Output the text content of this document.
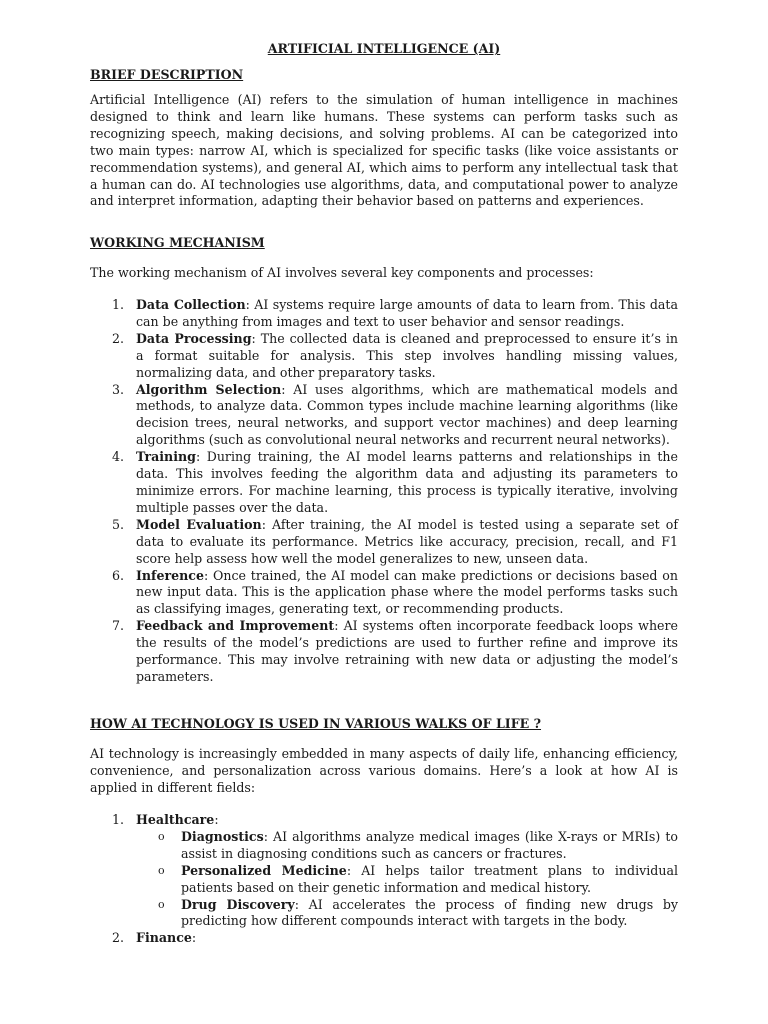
ARTIFICIAL INTELLIGENCE (AI)
BRIEF DESCRIPTION

Artificial Intelligence (AI) refers to the simulation of human intelligence in machines designed to think and learn like humans. These systems can perform tasks such as recognizing speech, making decisions, and solving problems. AI can be categorized into two main types: narrow AI, which is specialized for specific tasks (like voice assistants or recommendation systems), and general AI, which aims to perform any intellectual task that a human can do. AI technologies use algorithms, data, and computational power to analyze and interpret information, adapting their behavior based on patterns and experiences.

WORKING MECHANISM

The working mechanism of AI involves several key components and processes:

1. Data Collection: AI systems require large amounts of data to learn from. This data can be anything from images and text to user behavior and sensor readings.
2. Data Processing: The collected data is cleaned and preprocessed to ensure it’s in a format suitable for analysis. This step involves handling missing values, normalizing data, and other preparatory tasks.
3. Algorithm Selection: AI uses algorithms, which are mathematical models and methods, to analyze data. Common types include machine learning algorithms (like decision trees, neural networks, and support vector machines) and deep learning algorithms (such as convolutional neural networks and recurrent neural networks).
4. Training: During training, the AI model learns patterns and relationships in the data. This involves feeding the algorithm data and adjusting its parameters to minimize errors. For machine learning, this process is typically iterative, involving multiple passes over the data.
5. Model Evaluation: After training, the AI model is tested using a separate set of data to evaluate its performance. Metrics like accuracy, precision, recall, and F1 score help assess how well the model generalizes to new, unseen data.
6. Inference: Once trained, the AI model can make predictions or decisions based on new input data. This is the application phase where the model performs tasks such as classifying images, generating text, or recommending products.
7. Feedback and Improvement: AI systems often incorporate feedback loops where the results of the model’s predictions are used to further refine and improve its performance. This may involve retraining with new data or adjusting the model’s parameters.
HOW AI TECHNOLOGY IS USED IN VARIOUS WALKS OF LIFE ?

AI technology is increasingly embedded in many aspects of daily life, enhancing efficiency, convenience, and personalization across various domains. Here’s a look at how AI is applied in different fields:

1. Healthcare:
o Diagnostics: AI algorithms analyze medical images (like X-rays or MRIs) to assist in diagnosing conditions such as cancers or fractures.
o Personalized Medicine: AI helps tailor treatment plans to individual patients based on their genetic information and medical history.
o Drug Discovery: AI accelerates the process of finding new drugs by predicting how different compounds interact with targets in the body.
2. Finance:
